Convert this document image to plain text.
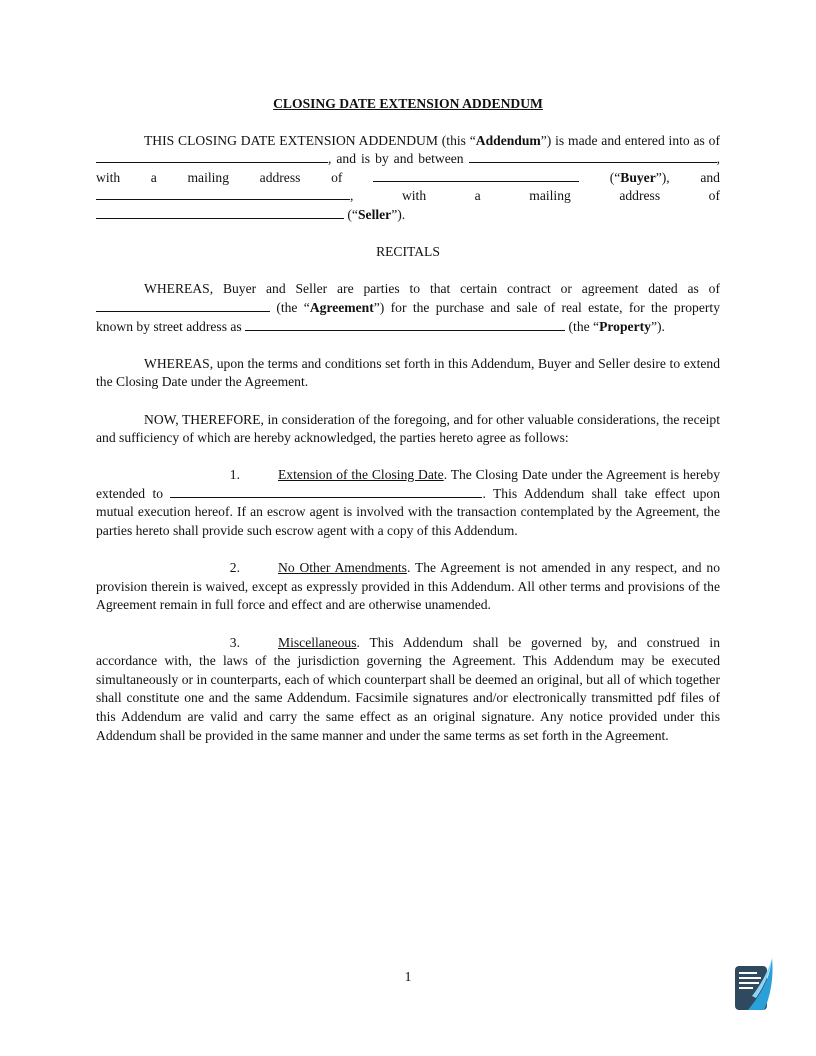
CLOSING DATE EXTENSION ADDENDUM

THIS CLOSING DATE EXTENSION ADDENDUM (this “Addendum”) is made and entered into as of , and is by and between	, with a mailing address of	(“Buyer”), and , with a mailing address of  (“Seller”).

RECITALS

WHEREAS, Buyer and Seller are parties to that certain contract or agreement dated as of  (the “Agreement”) for the purchase and sale of real estate, for the property known by street address as	(the “Property”).

WHEREAS, upon the terms and conditions set forth in this Addendum, Buyer and Seller desire to extend the Closing Date under the Agreement.

NOW, THEREFORE, in consideration of the foregoing, and for other valuable considerations, the receipt and sufficiency of which are hereby acknowledged, the parties hereto agree as follows:

1.	Extension of the Closing Date. The Closing Date under the Agreement is hereby extended to	. This Addendum shall take effect upon mutual execution hereof. If an escrow agent is involved with the transaction contemplated by the Agreement, the parties hereto shall provide such escrow agent with a copy of this Addendum.

2.	No Other Amendments. The Agreement is not amended in any respect, and no provision therein is waived, except as expressly provided in this Addendum. All other terms and provisions of the Agreement remain in full force and effect and are otherwise unamended.

3.	Miscellaneous. This Addendum shall be governed by, and construed in accordance with, the laws of the jurisdiction governing the Agreement. This Addendum may be executed simultaneously or in counterparts, each of which counterpart shall be deemed an original, but all of which together shall constitute one and the same Addendum. Facsimile signatures and/or electronically transmitted pdf files of this Addendum are valid and carry the same effect as an original signature. Any notice provided under this Addendum shall be provided in the same manner and under the same terms as set forth in the Agreement.

1
